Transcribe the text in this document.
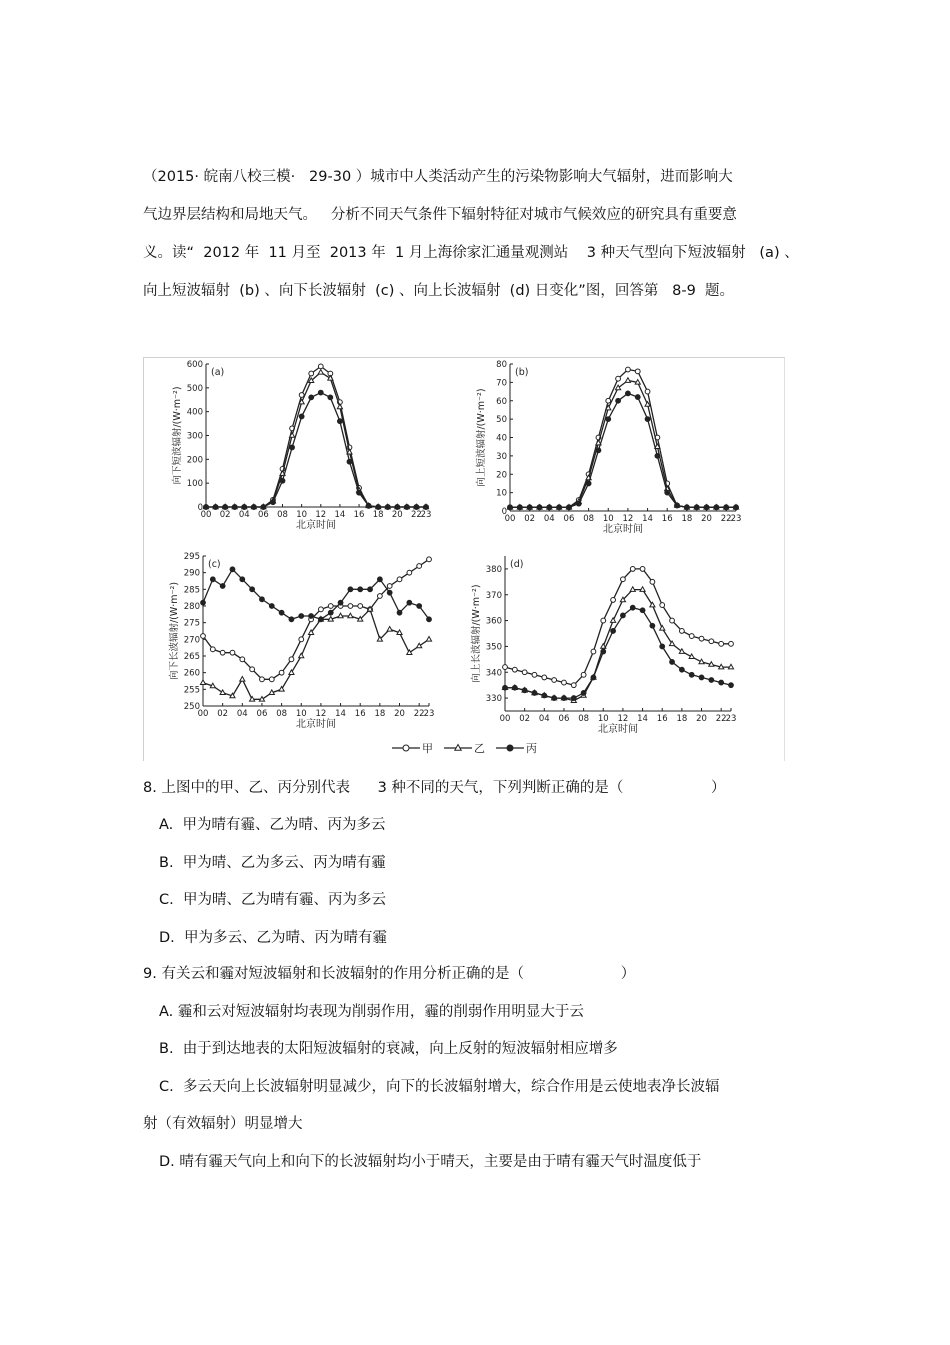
（2015· 皖南八校三模·   29-30 ）城市中人类活动产生的污染物影响大气辐射，进而影响大

气边界层结构和局地天气。   分析不同天气条件下辐射特征对城市气候效应的研究具有重要意

义。读“  2012 年  11 月至  2013 年  1 月上海徐家汇通量观测站    3 种天气型向下短波辐射   (a) 、

向上短波辐射  (b) 、向下长波辐射  (c) 、向上长波辐射  (d) 日变化”图，回答第   8-9  题。

0
100
200
300
400
500
600
00 02 04 06 08 10 12 14 16 18 20 22
23
北京时间
向下短波辐射/(W·m⁻²)
(a)
0
10
20
30
40
50
60
70
80
00 02 04 06 08 10 12 14 16 18 20 22
23
北京时间
向上短波辐射/(W·m⁻²)
(b)
250
255
260
265
270
275
280
285
290
295
00 02 04 06 08 10 12 14 16 18 20 22
23
北京时间
向下长波辐射/(W·m⁻²)
(c)
330
340
350
360
370
380
00 02 04 06 08 10 12 14 16 18 20 22
23
北京时间
向上长波辐射/(W·m⁻²)
(d)
甲	乙	丙
8. 上图中的甲、乙、丙分别代表      3 种不同的天气，下列判断正确的是（                   ）
A.  甲为晴有霾、乙为晴、丙为多云
B.  甲为晴、乙为多云、丙为晴有霾
C.  甲为晴、乙为晴有霾、丙为多云
D.  甲为多云、乙为晴、丙为晴有霾
9. 有关云和霾对短波辐射和长波辐射的作用分析正确的是（                     ）
A. 霾和云对短波辐射均表现为削弱作用，霾的削弱作用明显大于云
B.  由于到达地表的太阳短波辐射的衰减，向上反射的短波辐射相应增多
C.  多云天向上长波辐射明显减少，向下的长波辐射增大，综合作用是云使地表净长波辐
射（有效辐射）明显增大
D. 晴有霾天气向上和向下的长波辐射均小于晴天，主要是由于晴有霾天气时温度低于
